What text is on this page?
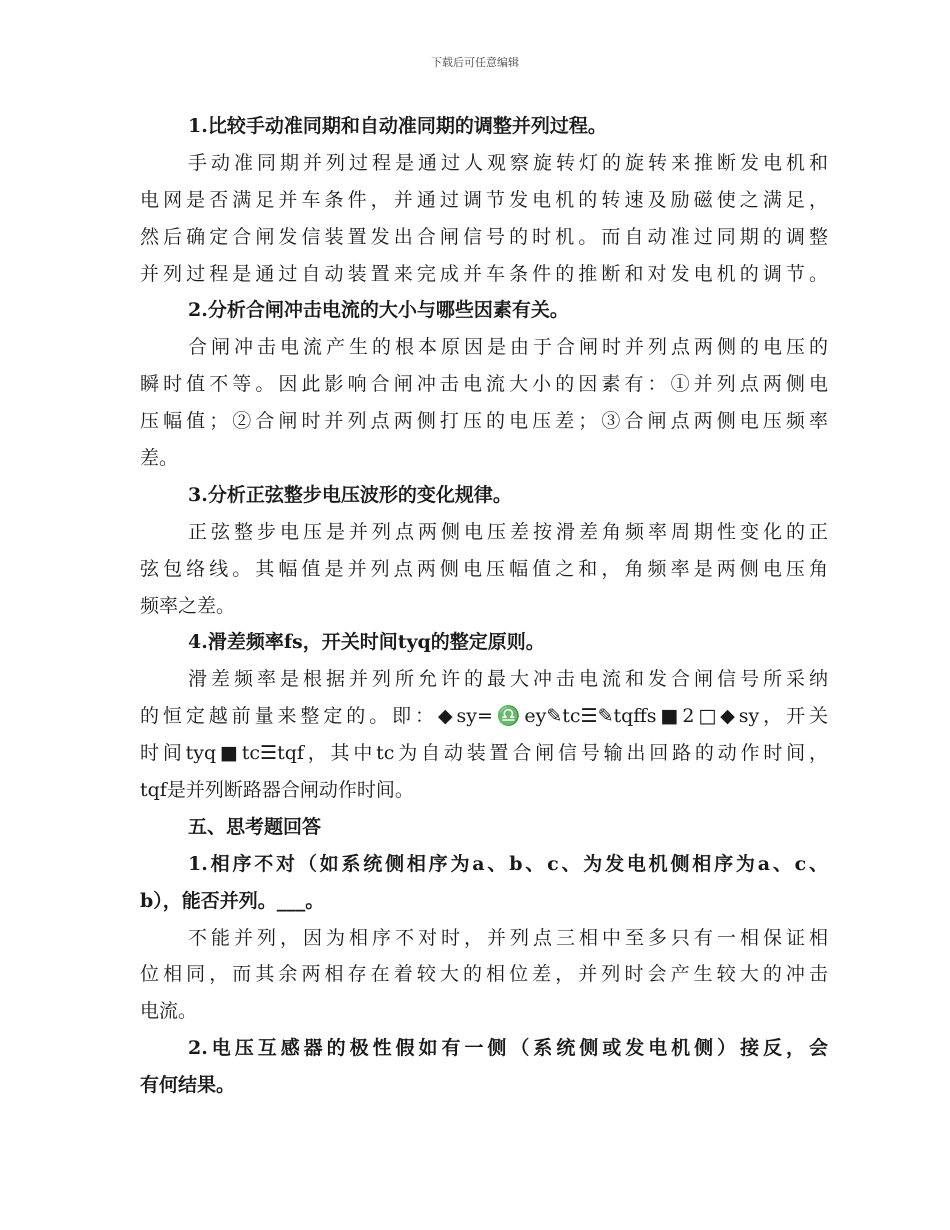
下载后可任意编辑
1.比较手动准同期和自动准同期的调整并列过程。
手动准同期并列过程是通过人观察旋转灯的旋转来推断发电机和
电网是否满足并车条件，并通过调节发电机的转速及励磁使之满足，
然后确定合闸发信装置发出合闸信号的时机。而自动准过同期的调整
并列过程是通过自动装置来完成并车条件的推断和对发电机的调节。
2.分析合闸冲击电流的大小与哪些因素有关。
合闸冲击电流产生的根本原因是由于合闸时并列点两侧的电压的
瞬时值不等。因此影响合闸冲击电流大小的因素有：①并列点两侧电
压幅值；②合闸时并列点两侧打压的电压差；③合闸点两侧电压频率
差。
3.分析正弦整步电压波形的变化规律。
正弦整步电压是并列点两侧电压差按滑差角频率周期性变化的正
弦包络线。其幅值是并列点两侧电压幅值之和，角频率是两侧电压角
频率之差。
4.滑差频率fs，开关时间tyq的整定原则。
滑差频率是根据并列所允许的最大冲击电流和发合闸信号所采纳
的恒定越前量来整定的。即：◆sy=♎ey✎tc☰✎tqffs■2□◆sy，开关
时间tyq■tc☰tqf，其中tc为自动装置合闸信号输出回路的动作时间，
tqf是并列断路器合闸动作时间。
五、思考题回答
1.相序不对（如系统侧相序为a、b、c、为发电机侧相序为a、c、
b），能否并列。___。
不能并列，因为相序不对时，并列点三相中至多只有一相保证相
位相同，而其余两相存在着较大的相位差，并列时会产生较大的冲击
电流。
2.电压互感器的极性假如有一侧（系统侧或发电机侧）接反，会
有何结果。
